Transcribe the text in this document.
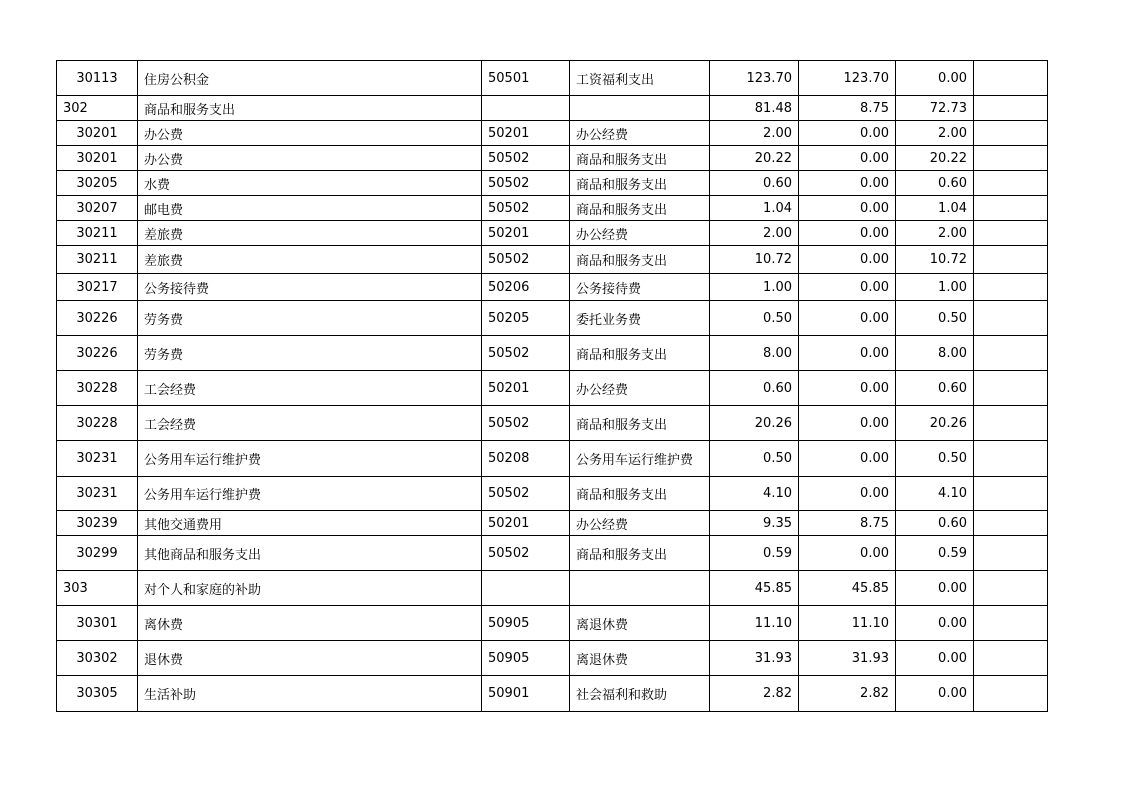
30113	住房公积金	50501	工资福利支出	123.70	123.70	0.00	
302	商品和服务支出			81.48	8.75	72.73	
30201	办公费	50201	办公经费	2.00	0.00	2.00	
30201	办公费	50502	商品和服务支出	20.22	0.00	20.22	
30205	水费	50502	商品和服务支出	0.60	0.00	0.60	
30207	邮电费	50502	商品和服务支出	1.04	0.00	1.04	
30211	差旅费	50201	办公经费	2.00	0.00	2.00	
30211	差旅费	50502	商品和服务支出	10.72	0.00	10.72	
30217	公务接待费	50206	公务接待费	1.00	0.00	1.00	
30226	劳务费	50205	委托业务费	0.50	0.00	0.50	
30226	劳务费	50502	商品和服务支出	8.00	0.00	8.00	
30228	工会经费	50201	办公经费	0.60	0.00	0.60	
30228	工会经费	50502	商品和服务支出	20.26	0.00	20.26	
30231	公务用车运行维护费	50208	公务用车运行维护费	0.50	0.00	0.50	
30231	公务用车运行维护费	50502	商品和服务支出	4.10	0.00	4.10	
30239	其他交通费用	50201	办公经费	9.35	8.75	0.60	
30299	其他商品和服务支出	50502	商品和服务支出	0.59	0.00	0.59	
303	对个人和家庭的补助			45.85	45.85	0.00	
30301	离休费	50905	离退休费	11.10	11.10	0.00	
30302	退休费	50905	离退休费	31.93	31.93	0.00	
30305	生活补助	50901	社会福利和救助	2.82	2.82	0.00	
